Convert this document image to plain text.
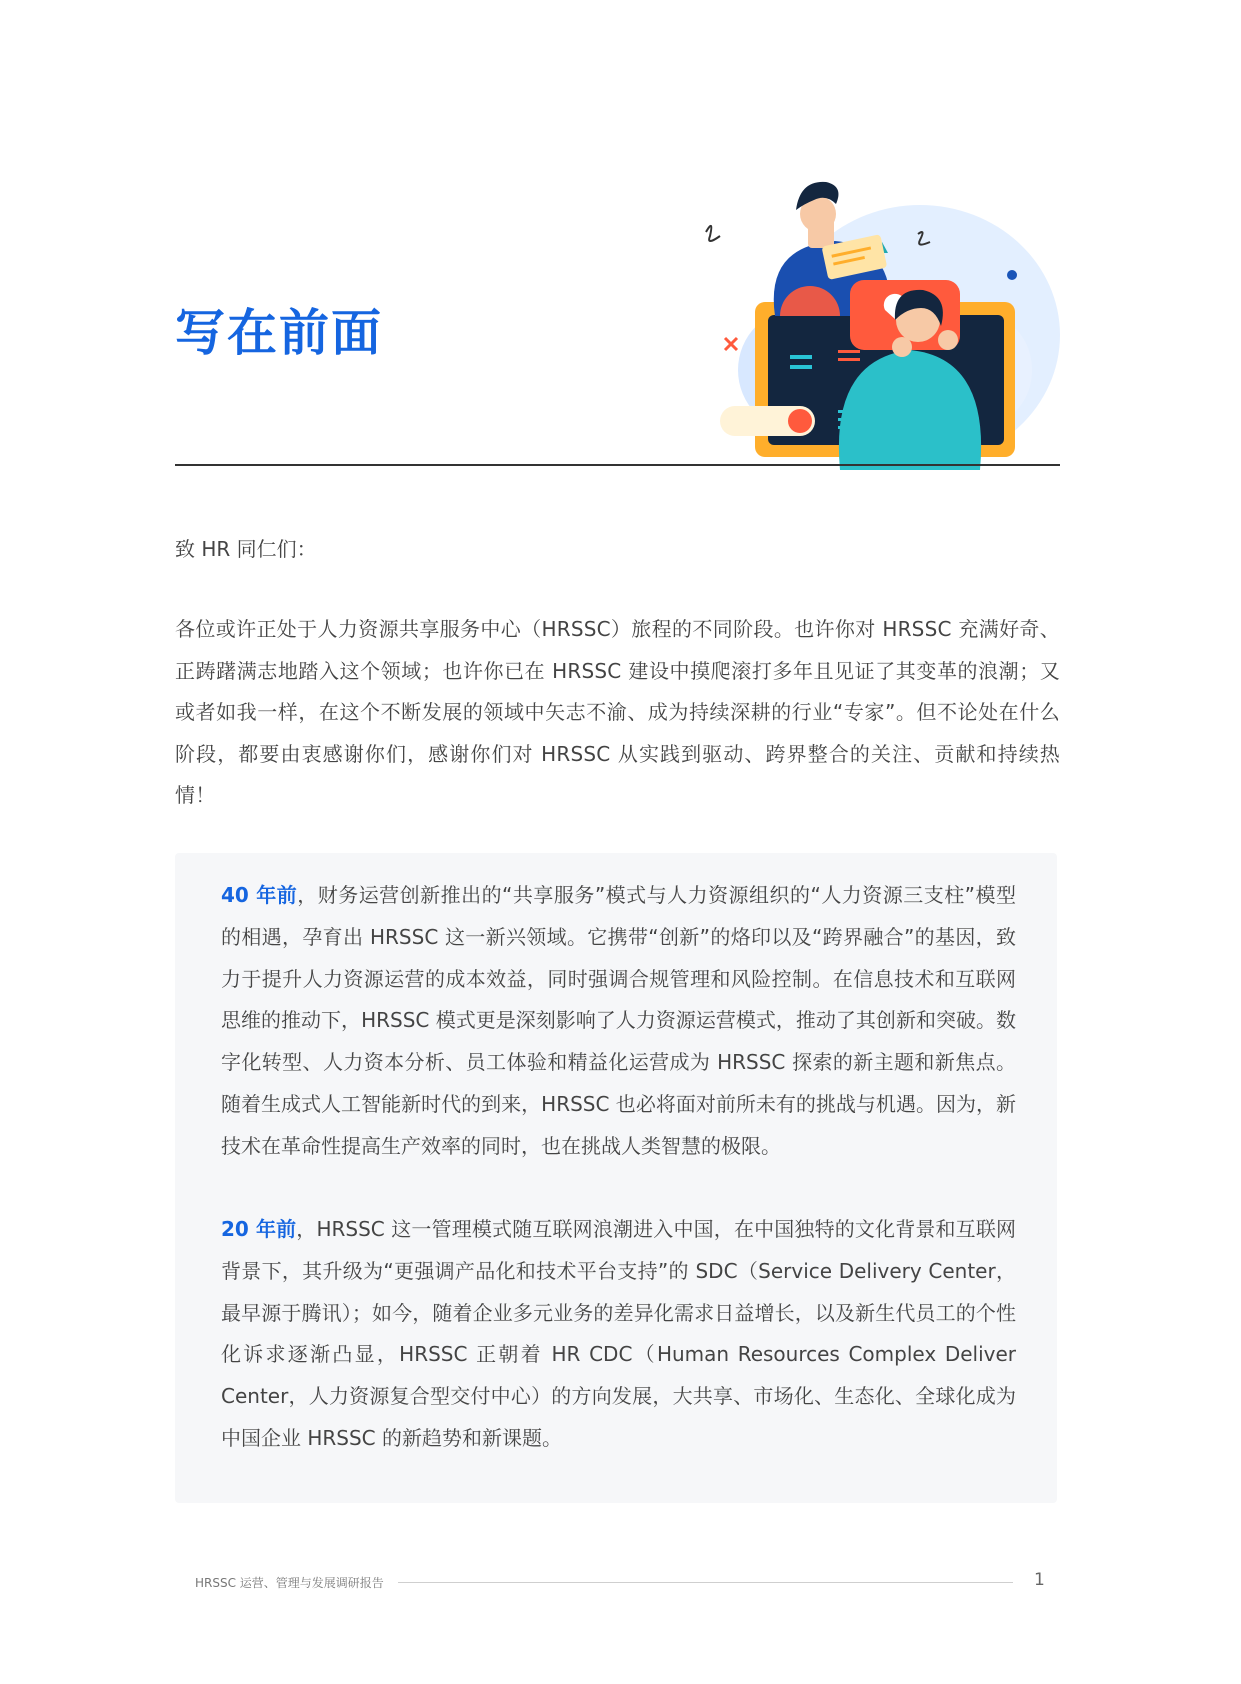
写在前面
致 HR 同仁们：

各位或许正处于人力资源共享服务中心（HRSSC）旅程的不同阶段。也许你对 HRSSC 充满好奇、正踌躇满志地踏入这个领域；也许你已在 HRSSC 建设中摸爬滚打多年且见证了其变革的浪潮；又或者如我一样，在这个不断发展的领域中矢志不渝、成为持续深耕的行业“专家”。但不论处在什么阶段，都要由衷感谢你们，感谢你们对 HRSSC 从实践到驱动、跨界整合的关注、贡献和持续热情！

40 年前，财务运营创新推出的“共享服务”模式与人力资源组织的“人力资源三支柱”模型的相遇，孕育出 HRSSC 这一新兴领域。它携带“创新”的烙印以及“跨界融合”的基因，致力于提升人力资源运营的成本效益，同时强调合规管理和风险控制。在信息技术和互联网思维的推动下，HRSSC 模式更是深刻影响了人力资源运营模式，推动了其创新和突破。数字化转型、人力资本分析、员工体验和精益化运营成为 HRSSC 探索的新主题和新焦点。随着生成式人工智能新时代的到来，HRSSC 也必将面对前所未有的挑战与机遇。因为，新技术在革命性提高生产效率的同时，也在挑战人类智慧的极限。

20 年前，HRSSC 这一管理模式随互联网浪潮进入中国，在中国独特的文化背景和互联网背景下，其升级为“更强调产品化和技术平台支持”的 SDC（Service Delivery Center，最早源于腾讯）；如今，随着企业多元业务的差异化需求日益增长，以及新生代员工的个性化诉求逐渐凸显，HRSSC 正朝着 HR CDC（Human Resources Complex Deliver Center，人力资源复合型交付中心）的方向发展，大共享、市场化、生态化、全球化成为中国企业 HRSSC 的新趋势和新课题。

HRSSC 运营、管理与发展调研报告	1
